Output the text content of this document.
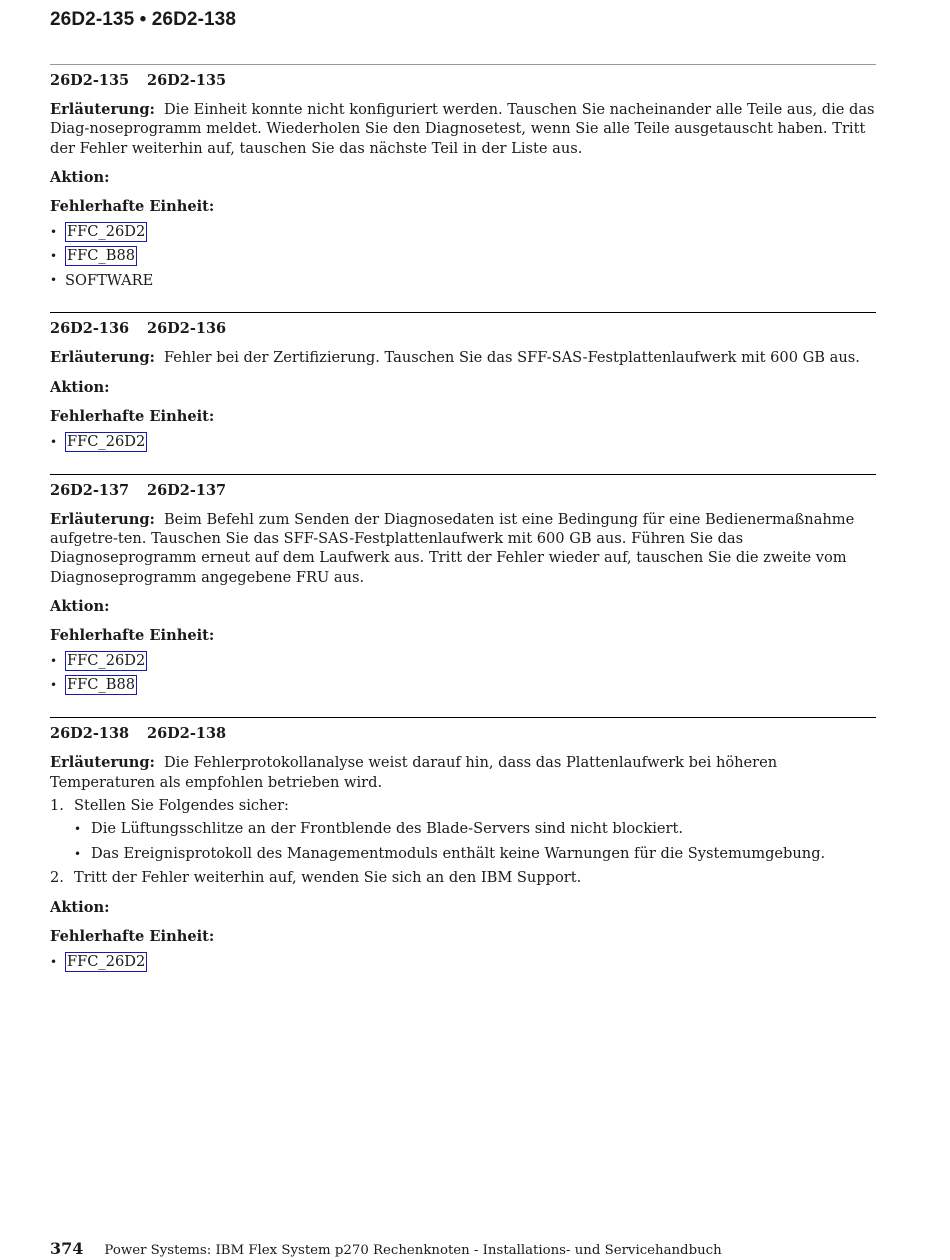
26D2-135 • 26D2-138
26D2-135 26D2-135
Erläuterung: Die Einheit konnte nicht konfiguriert werden. Tauschen Sie nacheinander alle Teile aus, die das Diag-noseprogramm meldet. Wiederholen Sie den Diagnosetest, wenn Sie alle Teile ausgetauscht haben. Tritt der Fehler weiterhin auf, tauschen Sie das nächste Teil in der Liste aus.
Aktion:
Fehlerhafte Einheit:
• FFC_26D2
• FFC_B88
• SOFTWARE
26D2-136 26D2-136
Erläuterung: Fehler bei der Zertifizierung. Tauschen Sie das SFF-SAS-Festplattenlaufwerk mit 600 GB aus.
Aktion:
Fehlerhafte Einheit:
• FFC_26D2
26D2-137 26D2-137
Erläuterung: Beim Befehl zum Senden der Diagnosedaten ist eine Bedingung für eine Bedienermaßnahme aufgetre-ten. Tauschen Sie das SFF-SAS-Festplattenlaufwerk mit 600 GB aus. Führen Sie das Diagnoseprogramm erneut auf dem Laufwerk aus. Tritt der Fehler wieder auf, tauschen Sie die zweite vom Diagnoseprogramm angegebene FRU aus.
Aktion:
Fehlerhafte Einheit:
• FFC_26D2
• FFC_B88
26D2-138 26D2-138
Erläuterung: Die Fehlerprotokollanalyse weist darauf hin, dass das Plattenlaufwerk bei höheren Temperaturen als empfohlen betrieben wird.
1. Stellen Sie Folgendes sicher:
• Die Lüftungsschlitze an der Frontblende des Blade-Servers sind nicht blockiert.
• Das Ereignisprotokoll des Managementmoduls enthält keine Warnungen für die Systemumgebung.
2. Tritt der Fehler weiterhin auf, wenden Sie sich an den IBM Support.
Aktion:
Fehlerhafte Einheit:
• FFC_26D2
374 Power Systems: IBM Flex System p270 Rechenknoten - Installations- und Servicehandbuch
